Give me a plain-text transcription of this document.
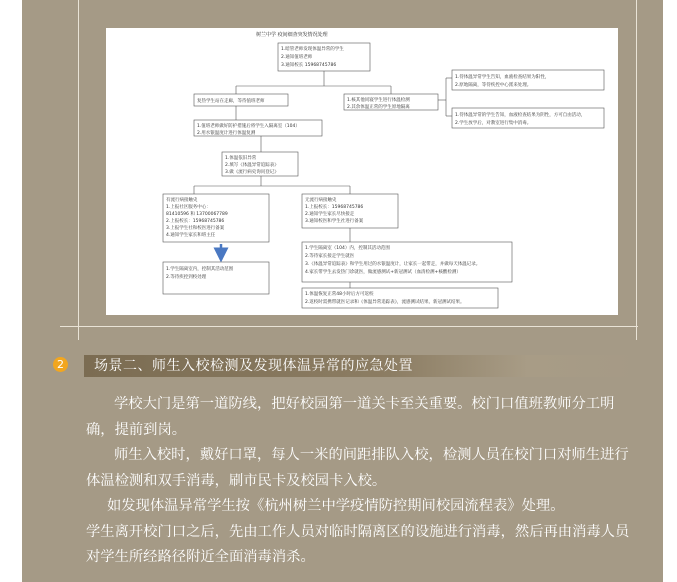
树兰中学 疫间细查突发情况处理
1.暗管老师发现体温异常的学生
2.通知值班老师
3.通知校长 15968745786
复热学生站在走廊，等待值班老师	1.核其他同寝学生进行体温检测
2.其余体温正常的学生原地隔离
1.待体温异常学生告知，血液检查结果为阳性，
2.原地隔离，等待疾控中心派来处理。
1.待体温异常的学生告知，血液检查结果为阴性，方可自由活动，
2.学生放学后，对教室进行集中消毒。
1.值班老师做好防护措施后将学生入隔离室（104）
2.用水银温度计进行体温复测
1.体温依旧异常
2.填写《体温异常追踪表》
3.做《流行病史询问登记》
有流行病接触史
1.上报社区服务中心：
81410596 和 13700067789
2.上报校长：15968745786
3.上报学生社和校医进行备案
4.通知学生家长和班主任
无流行病接触史
1.上报校长：15968745786
2.通知学生家长尽快接走
3.通知校医和学生社进行备案
1.学生隔离室内，控制其活动范围
2.等待疾控到校处理
1.学生隔离室（104）内，控制其活动范围
2.等待家长接走学生就医
3.《体温异常追踪表》和学生用过的水银温度计，让家长一起带走，并做每天体温记录。
4.家长带学生去发热门诊就医，做流感测试+新冠测试（血清检测+核酸检测）
1.体温恢复正常48小时后方可返校
2.返校时需携带就医记录和《体温异常追踪表》，流感测试结果、新冠测试结果。
2 场景二、师生入校检测及发现体温异常的应急处置

学校大门是第一道防线，把好校园第一道关卡至关重要。校门口值班教师分工明确，提前到岗。

师生入校时，戴好口罩，每人一米的间距排队入校，检测人员在校门口对师生进行体温检测和双手消毒，刷市民卡及校园卡入校。

如发现体温异常学生按《杭州树兰中学疫情防控期间校园流程表》处理。

学生离开校门口之后，先由工作人员对临时隔离区的设施进行消毒，然后再由消毒人员对学生所经路径附近全面消毒消杀。
